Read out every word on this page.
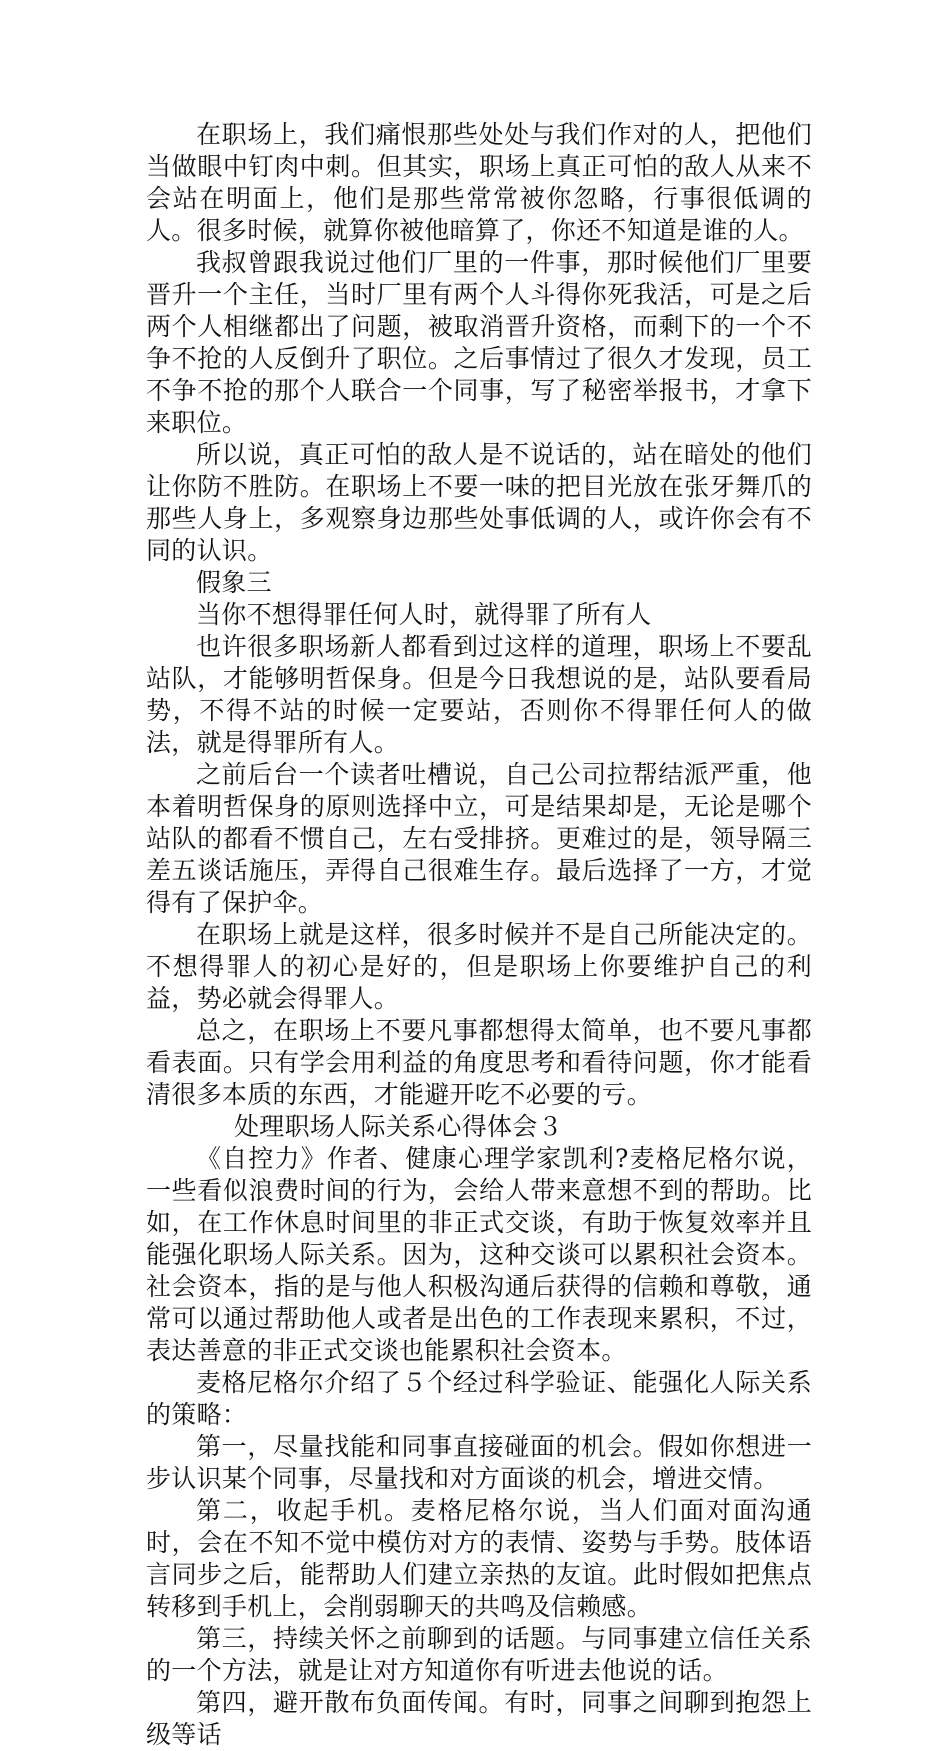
在职场上，我们痛恨那些处处与我们作对的人，把他们当做眼中钉肉中刺。但其实，职场上真正可怕的敌人从来不会站在明面上，他们是那些常常被你忽略，行事很低调的人。很多时候，就算你被他暗算了，你还不知道是谁的人。

我叔曾跟我说过他们厂里的一件事，那时候他们厂里要晋升一个主任，当时厂里有两个人斗得你死我活，可是之后两个人相继都出了问题，被取消晋升资格，而剩下的一个不争不抢的人反倒升了职位。之后事情过了很久才发现，员工不争不抢的那个人联合一个同事，写了秘密举报书，才拿下来职位。

所以说，真正可怕的敌人是不说话的，站在暗处的他们让你防不胜防。在职场上不要一味的把目光放在张牙舞爪的那些人身上，多观察身边那些处事低调的人，或许你会有不同的认识。

假象三

当你不想得罪任何人时，就得罪了所有人

也许很多职场新人都看到过这样的道理，职场上不要乱站队，才能够明哲保身。但是今日我想说的是，站队要看局势，不得不站的时候一定要站，否则你不得罪任何人的做法，就是得罪所有人。

之前后台一个读者吐槽说，自己公司拉帮结派严重，他本着明哲保身的原则选择中立，可是结果却是，无论是哪个站队的都看不惯自己，左右受排挤。更难过的是，领导隔三差五谈话施压，弄得自己很难生存。最后选择了一方，才觉得有了保护伞。

在职场上就是这样，很多时候并不是自己所能决定的。不想得罪人的初心是好的，但是职场上你要维护自己的利益，势必就会得罪人。

总之，在职场上不要凡事都想得太简单，也不要凡事都看表面。只有学会用利益的角度思考和看待问题，你才能看清很多本质的东西，才能避开吃不必要的亏。

处理职场人际关系心得体会３

《自控力》作者、健康心理学家凯利?麦格尼格尔说，一些看似浪费时间的行为，会给人带来意想不到的帮助。比如，在工作休息时间里的非正式交谈，有助于恢复效率并且能强化职场人际关系。因为，这种交谈可以累积社会资本。社会资本，指的是与他人积极沟通后获得的信赖和尊敬，通常可以通过帮助他人或者是出色的工作表现来累积，不过，表达善意的非正式交谈也能累积社会资本。

麦格尼格尔介绍了５个经过科学验证、能强化人际关系的策略：

第一，尽量找能和同事直接碰面的机会。假如你想进一步认识某个同事，尽量找和对方面谈的机会，增进交情。

第二，收起手机。麦格尼格尔说，当人们面对面沟通时，会在不知不觉中模仿对方的表情、姿势与手势。肢体语言同步之后，能帮助人们建立亲热的友谊。此时假如把焦点转移到手机上，会削弱聊天的共鸣及信赖感。

第三，持续关怀之前聊到的话题。与同事建立信任关系的一个方法，就是让对方知道你有听进去他说的话。

第四，避开散布负面传闻。有时，同事之间聊到抱怨上级等话
